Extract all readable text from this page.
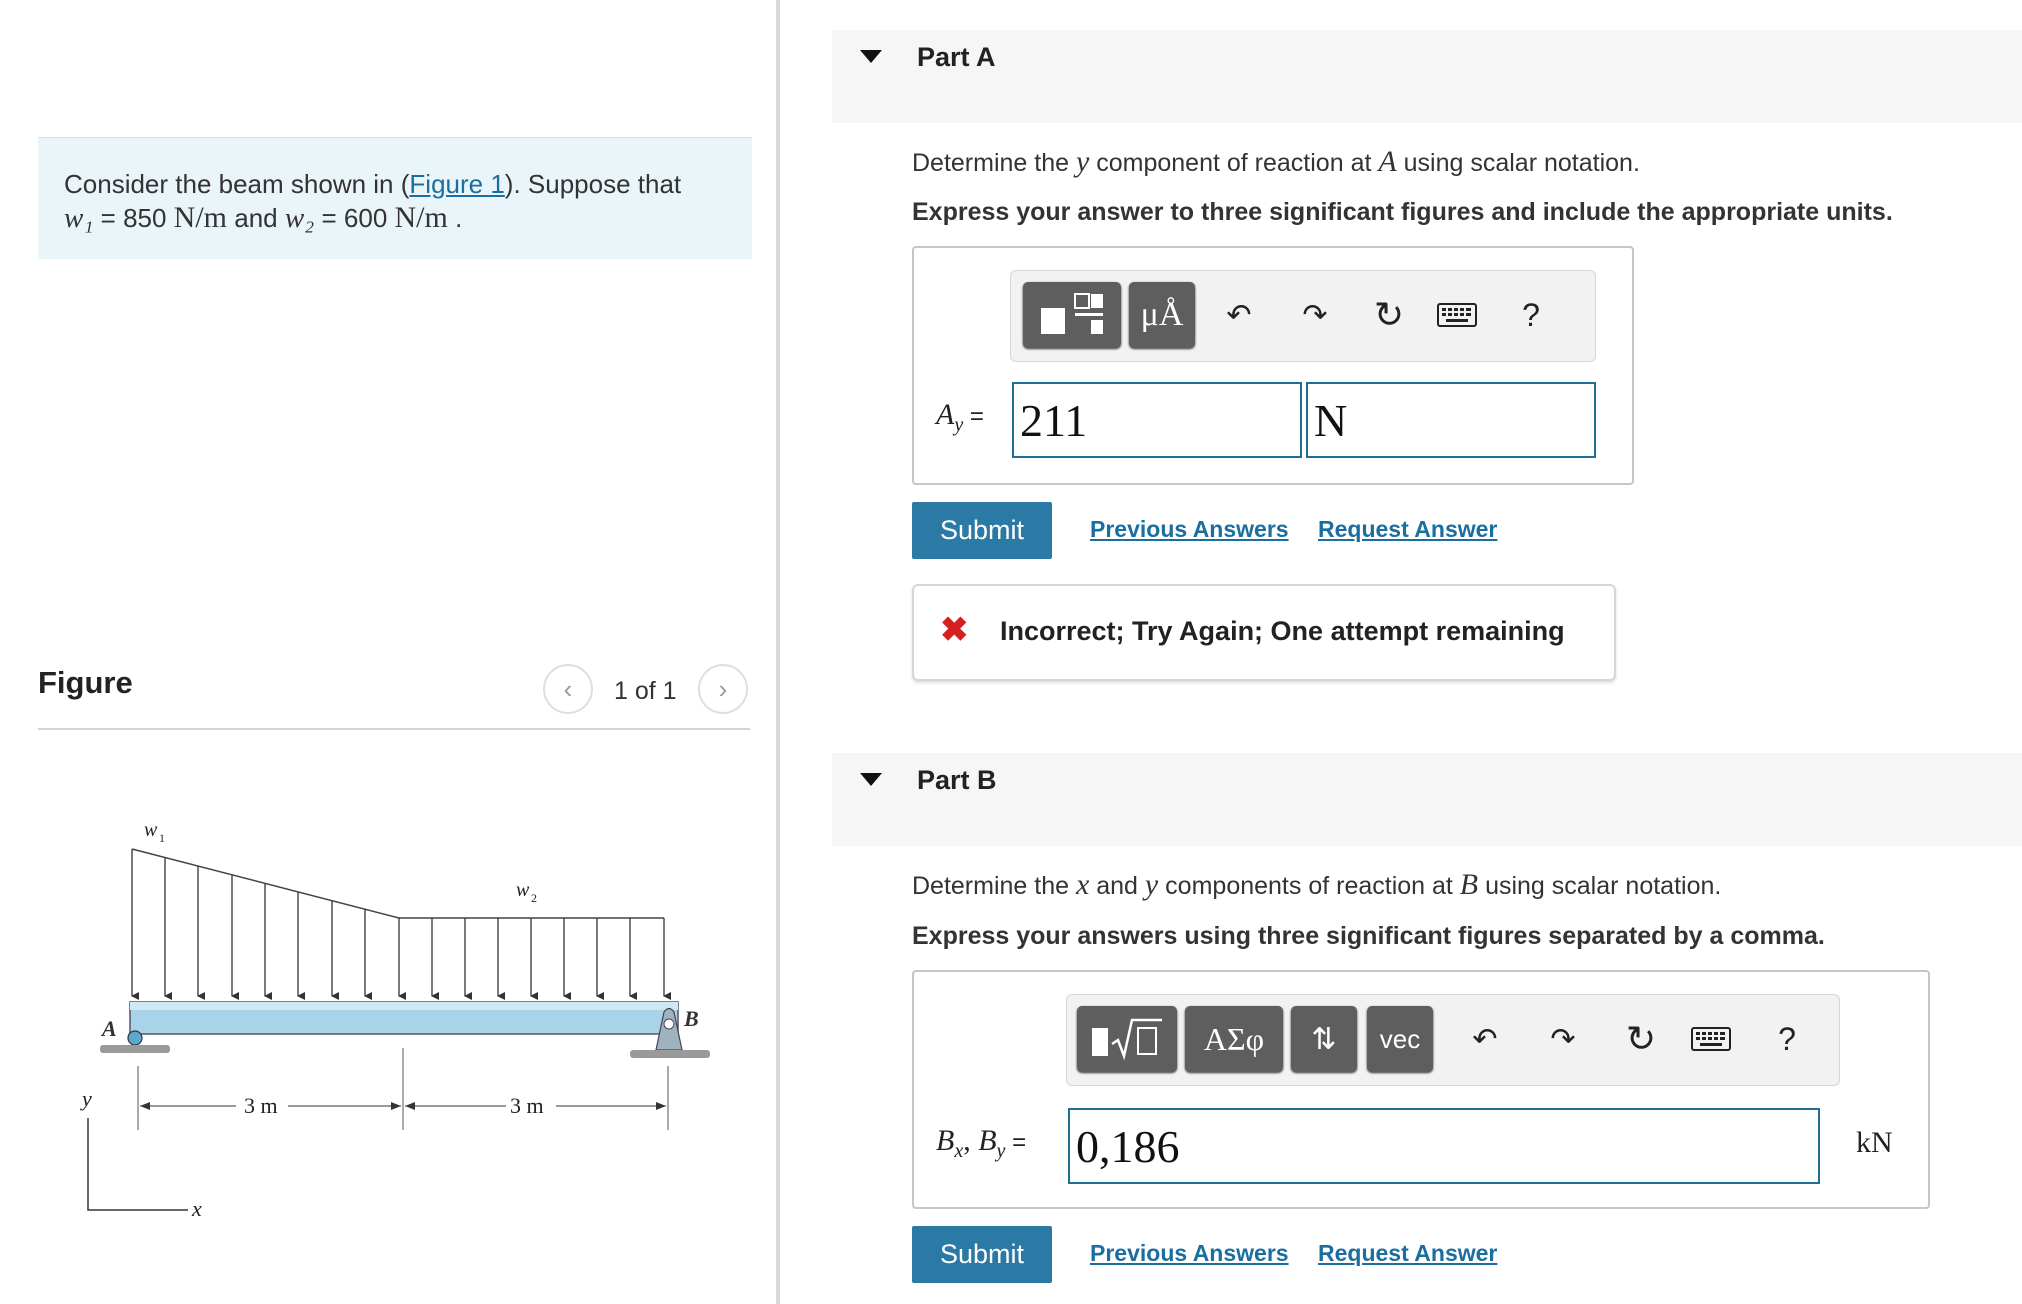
Consider the beam shown in (Figure 1). Suppose that
w₁ = 850 N/m and w₂ = 600 N/m .
Figure	‹ 1 of 1 ›
w 1
w 2
A	B
3 m	3 m
y
x
Part A
Determine the y component of reaction at A using scalar notation.
Express your answer to three significant figures and include the appropriate units.
μÅ	↶	↷ ↻	?
$A_y = 211$	N
Submit	Previous Answers Request Answer
✖ Incorrect; Try Again; One attempt remaining
Part B
Determine the x and y components of reaction at B using scalar notation.
Express your answers using three significant figures separated by a comma.
ΑΣφ	⇅	vec	↶	↷ ↻	?
$B_x$, $B_y = 0,186$	kN
Submit	Previous Answers Request Answer
